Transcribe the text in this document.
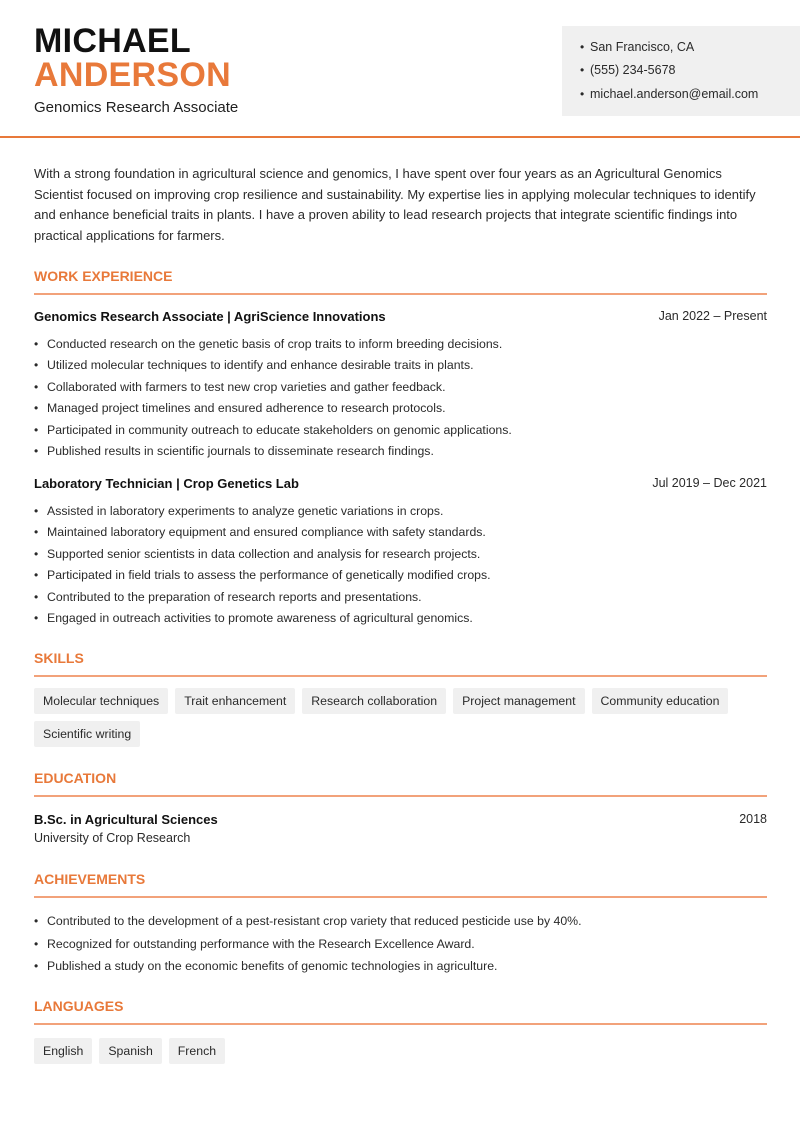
MICHAEL
ANDERSON
Genomics Research Associate
• San Francisco, CA
• (555) 234-5678
• michael.anderson@email.com

With a strong foundation in agricultural science and genomics, I have spent over four years as an Agricultural Genomics Scientist focused on improving crop resilience and sustainability. My expertise lies in applying molecular techniques to identify and enhance beneficial traits in plants. I have a proven ability to lead research projects that integrate scientific findings into practical applications for farmers.

WORK EXPERIENCE
Genomics Research Associate | AgriScience Innovations	Jan 2022 – Present
• Conducted research on the genetic basis of crop traits to inform breeding decisions.
• Utilized molecular techniques to identify and enhance desirable traits in plants.
• Collaborated with farmers to test new crop varieties and gather feedback.
• Managed project timelines and ensured adherence to research protocols.
• Participated in community outreach to educate stakeholders on genomic applications.
• Published results in scientific journals to disseminate research findings.
Laboratory Technician | Crop Genetics Lab	Jul 2019 – Dec 2021
• Assisted in laboratory experiments to analyze genetic variations in crops.
• Maintained laboratory equipment and ensured compliance with safety standards.
• Supported senior scientists in data collection and analysis for research projects.
• Participated in field trials to assess the performance of genetically modified crops.
• Contributed to the preparation of research reports and presentations.
• Engaged in outreach activities to promote awareness of agricultural genomics.
SKILLS
Molecular techniques	Trait enhancement	Research collaboration	Project management	Community education
Scientific writing
EDUCATION
B.Sc. in Agricultural Sciences	2018
University of Crop Research
ACHIEVEMENTS
• Contributed to the development of a pest-resistant crop variety that reduced pesticide use by 40%.
• Recognized for outstanding performance with the Research Excellence Award.
• Published a study on the economic benefits of genomic technologies in agriculture.
LANGUAGES
English	Spanish	French
